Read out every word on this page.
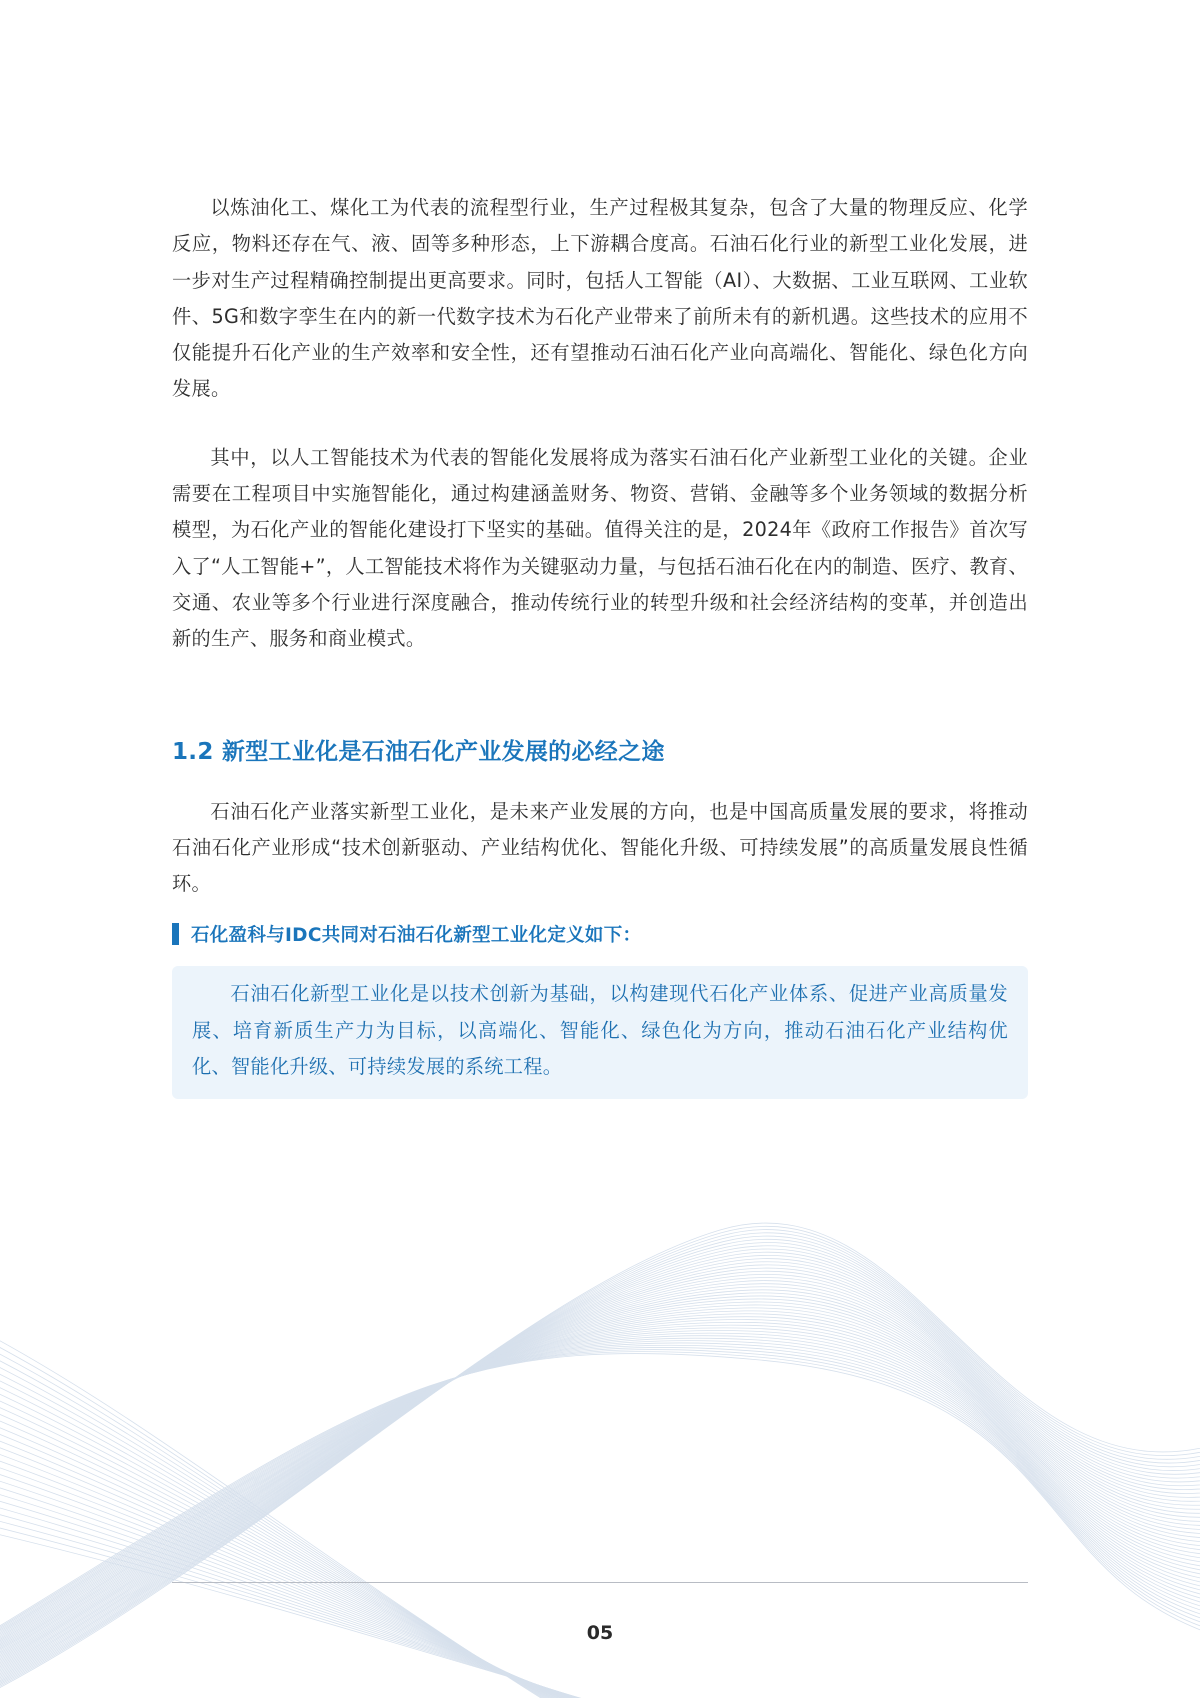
以炼油化工、煤化工为代表的流程型行业，生产过程极其复杂，包含了大量的物理反应、化学反应，物料还存在气、液、固等多种形态，上下游耦合度高。石油石化行业的新型工业化发展，进一步对生产过程精确控制提出更高要求。同时，包括人工智能（AI）、大数据、工业互联网、工业软件、5G和数字孪生在内的新一代数字技术为石化产业带来了前所未有的新机遇。这些技术的应用不仅能提升石化产业的生产效率和安全性，还有望推动石油石化产业向高端化、智能化、绿色化方向发展。

其中，以人工智能技术为代表的智能化发展将成为落实石油石化产业新型工业化的关键。企业需要在工程项目中实施智能化，通过构建涵盖财务、物资、营销、金融等多个业务领域的数据分析模型，为石化产业的智能化建设打下坚实的基础。值得关注的是，2024年《政府工作报告》首次写入了“人工智能+”，人工智能技术将作为关键驱动力量，与包括石油石化在内的制造、医疗、教育、交通、农业等多个行业进行深度融合，推动传统行业的转型升级和社会经济结构的变革，并创造出新的生产、服务和商业模式。

1.2 新型工业化是石油石化产业发展的必经之途

石油石化产业落实新型工业化，是未来产业发展的方向，也是中国高质量发展的要求，将推动石油石化产业形成“技术创新驱动、产业结构优化、智能化升级、可持续发展”的高质量发展良性循环。

石化盈科与IDC共同对石油石化新型工业化定义如下：

石油石化新型工业化是以技术创新为基础，以构建现代石化产业体系、促进产业高质量发展、培育新质生产力为目标，以高端化、智能化、绿色化为方向，推动石油石化产业结构优化、智能化升级、可持续发展的系统工程。

05
